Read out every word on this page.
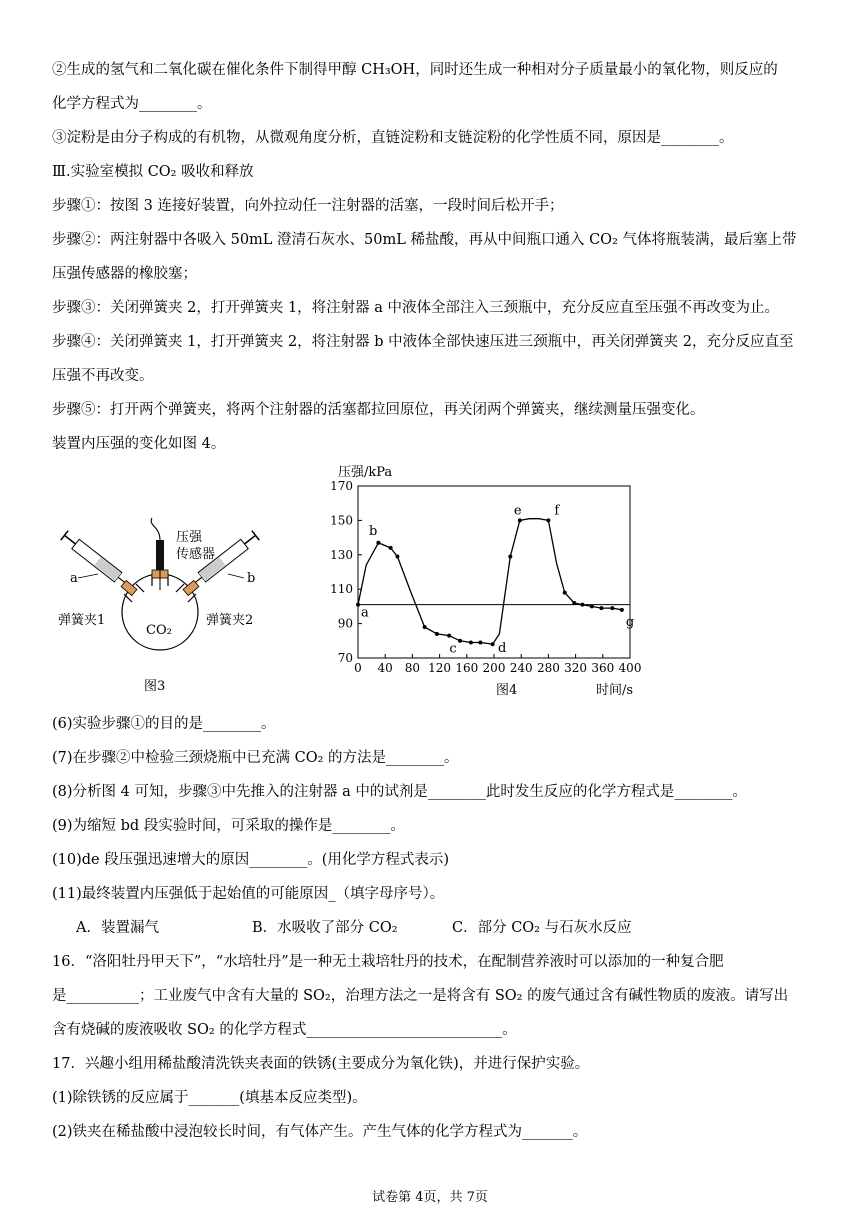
②生成的氢气和二氧化碳在催化条件下制得甲醇 CH₃OH，同时还生成一种相对分子质量最小的氧化物，则反应的
化学方程式为________。
③淀粉是由分子构成的有机物，从微观角度分析，直链淀粉和支链淀粉的化学性质不同，原因是________。
Ⅲ.实验室模拟 CO₂ 吸收和释放
步骤①：按图 3 连接好装置，向外拉动任一注射器的活塞，一段时间后松开手；
步骤②：两注射器中各吸入 50mL 澄清石灰水、50mL 稀盐酸，再从中间瓶口通入 CO₂ 气体将瓶装满，最后塞上带
压强传感器的橡胶塞；
步骤③：关闭弹簧夹 2，打开弹簧夹 1，将注射器 a 中液体全部注入三颈瓶中，充分反应直至压强不再改变为止。
步骤④：关闭弹簧夹 1，打开弹簧夹 2，将注射器 b 中液体全部快速压进三颈瓶中，再关闭弹簧夹 2，充分反应直至
压强不再改变。
步骤⑤：打开两个弹簧夹，将两个注射器的活塞都拉回原位，再关闭两个弹簧夹，继续测量压强变化。
装置内压强的变化如图 4。
a	b
压强
传感器
弹簧夹1	弹簧夹2
CO₂
图3
压强/kPa
时间/s
图4
70
90
110
130
150
170
0 40 80 120 160 200 240 280 320 360 400
a
b
c	d
e	f
g
(6)实验步骤①的目的是________。
(7)在步骤②中检验三颈烧瓶中已充满 CO₂ 的方法是________。
(8)分析图 4 可知，步骤③中先推入的注射器 a 中的试剂是________此时发生反应的化学方程式是________。
(9)为缩短 bd 段实验时间，可采取的操作是________。
(10)de 段压强迅速增大的原因________。(用化学方程式表示)
(11)最终装置内压强低于起始值的可能原因_（填字母序号）。
A．装置漏气	B．水吸收了部分 CO₂	C．部分 CO₂ 与石灰水反应
16．“洛阳牡丹甲天下”，“水培牡丹”是一种无土栽培牡丹的技术，在配制营养液时可以添加的一种复合肥
是__________；工业废气中含有大量的 SO₂，治理方法之一是将含有 SO₂ 的废气通过含有碱性物质的废液。请写出
含有烧碱的废液吸收 SO₂ 的化学方程式___________________________。
17．兴趣小组用稀盐酸清洗铁夹表面的铁锈(主要成分为氧化铁)，并进行保护实验。
(1)除铁锈的反应属于_______(填基本反应类型)。
(2)铁夹在稀盐酸中浸泡较长时间，有气体产生。产生气体的化学方程式为_______。
试卷第 4页，共 7页
